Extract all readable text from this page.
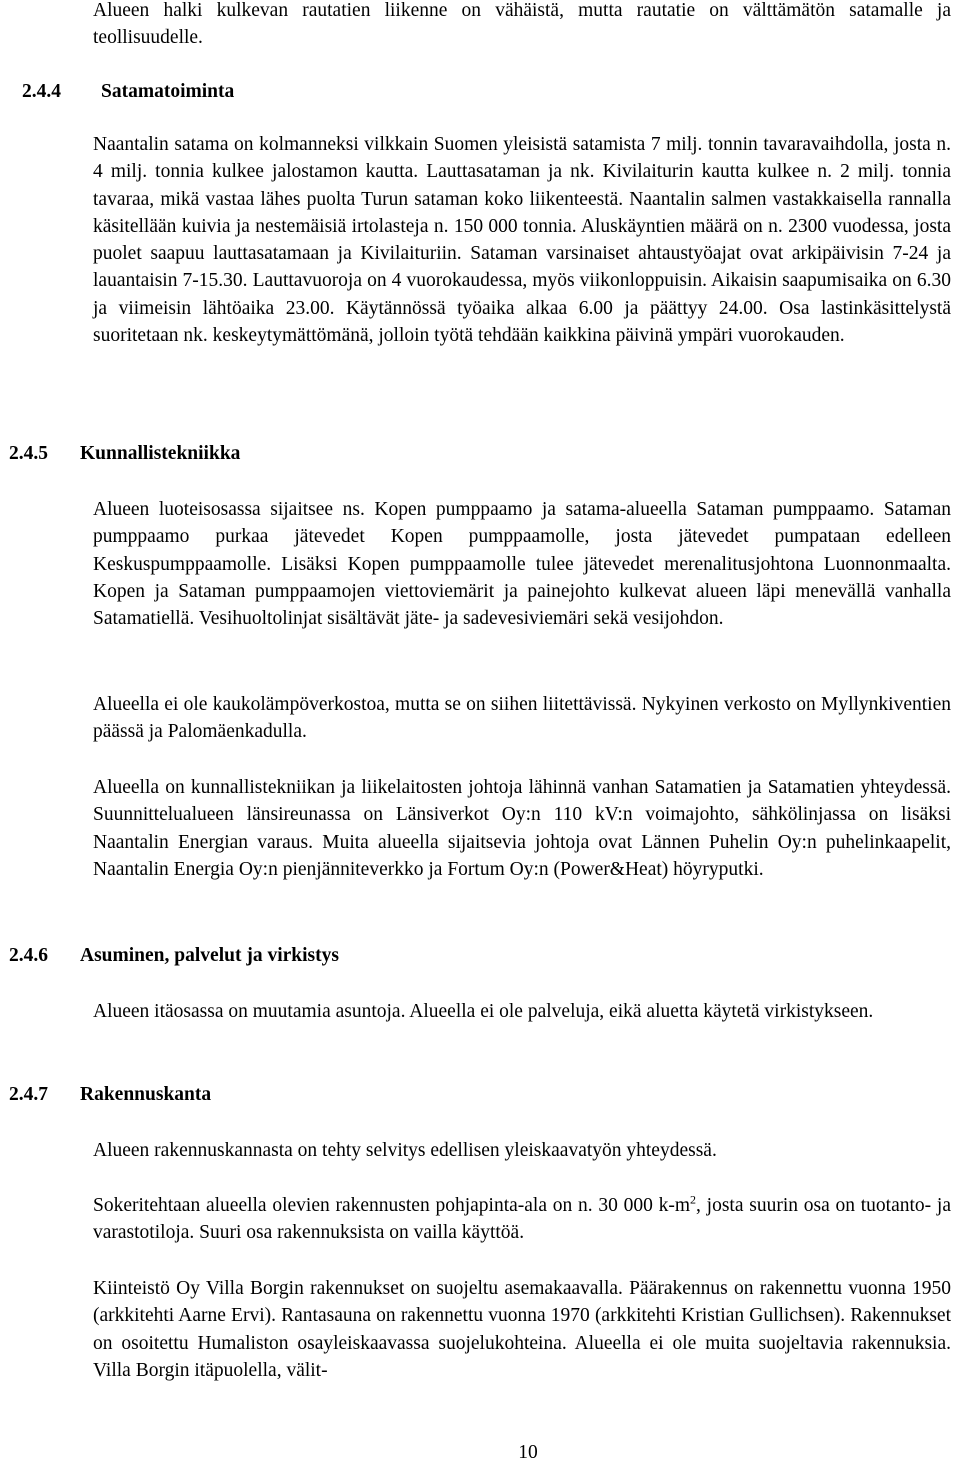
Alueen halki kulkevan rautatien liikenne on vähäistä, mutta rautatie on välttämätön satamalle ja teollisuudelle.

2.4.4 Satamatoiminta

Naantalin satama on kolmanneksi vilkkain Suomen yleisistä satamista 7 milj. tonnin tavaravaihdolla, josta n. 4 milj. tonnia kulkee jalostamon kautta. Lauttasataman ja nk. Kivilaiturin kautta kulkee n. 2 milj. tonnia tavaraa, mikä vastaa lähes puolta Turun sataman koko liikenteestä. Naantalin salmen vastakkaisella rannalla käsitellään kuivia ja nestemäisiä irtolasteja n. 150 000 tonnia. Aluskäyntien määrä on n. 2300 vuodessa, josta puolet saapuu lauttasatamaan ja Kivilaituriin. Sataman varsinaiset ahtaustyöajat ovat arkipäivisin 7-24 ja lauantaisin 7-15.30. Lauttavuoroja on 4 vuorokaudessa, myös viikonloppuisin. Aikaisin saapumisaika on 6.30 ja viimeisin lähtöaika 23.00. Käytännössä työaika alkaa 6.00 ja päättyy 24.00. Osa lastinkäsittelystä suoritetaan nk. keskeytymättömänä, jolloin työtä tehdään kaikkina päivinä ympäri vuorokauden.

2.4.5 Kunnallistekniikka

Alueen luoteisosassa sijaitsee ns. Kopen pumppaamo ja satama-alueella Sataman pumppaamo. Sataman pumppaamo purkaa jätevedet Kopen pumppaamolle, josta jätevedet pumpataan edelleen Keskuspumppaamolle. Lisäksi Kopen pumppaamolle tulee jätevedet merenalitusjohtona Luonnonmaalta. Kopen ja Sataman pumppaamojen viettoviemärit ja painejohto kulkevat alueen läpi menevällä vanhalla Satamatiellä. Vesihuoltolinjat sisältävät jäte- ja sadevesiviemäri sekä vesijohdon.

Alueella ei ole kaukolämpöverkostoa, mutta se on siihen liitettävissä. Nykyinen verkosto on Myllynkiventien päässä ja Palomäenkadulla.

Alueella on kunnallistekniikan ja liikelaitosten johtoja lähinnä vanhan Satamatien ja Satamatien yhteydessä. Suunnittelualueen länsireunassa on Länsiverkot Oy:n 110 kV:n voimajohto, sähkölinjassa on lisäksi Naantalin Energian varaus. Muita alueella sijaitsevia johtoja ovat Lännen Puhelin Oy:n puhelinkaapelit, Naantalin Energia Oy:n pienjänniteverkko ja Fortum Oy:n (Power&Heat) höyryputki.

2.4.6 Asuminen, palvelut ja virkistys

Alueen itäosassa on muutamia asuntoja. Alueella ei ole palveluja, eikä aluetta käytetä virkistykseen.

2.4.7 Rakennuskanta

Alueen rakennuskannasta on tehty selvitys edellisen yleiskaavatyön yhteydessä.

Sokeritehtaan alueella olevien rakennusten pohjapinta-ala on n. 30 000 $k-m^2$, josta suurin osa on tuotanto- ja varastotiloja. Suuri osa rakennuksista on vailla käyttöä.

Kiinteistö Oy Villa Borgin rakennukset on suojeltu asemakaavalla. Päärakennus on rakennettu vuonna 1950 (arkkitehti Aarne Ervi). Rantasauna on rakennettu vuonna 1970 (arkkitehti Kristian Gullichsen). Rakennukset on osoitettu Humaliston osayleiskaavassa suojelukohteina. Alueella ei ole muita suojeltavia rakennuksia. Villa Borgin itäpuolella, välit-

10
